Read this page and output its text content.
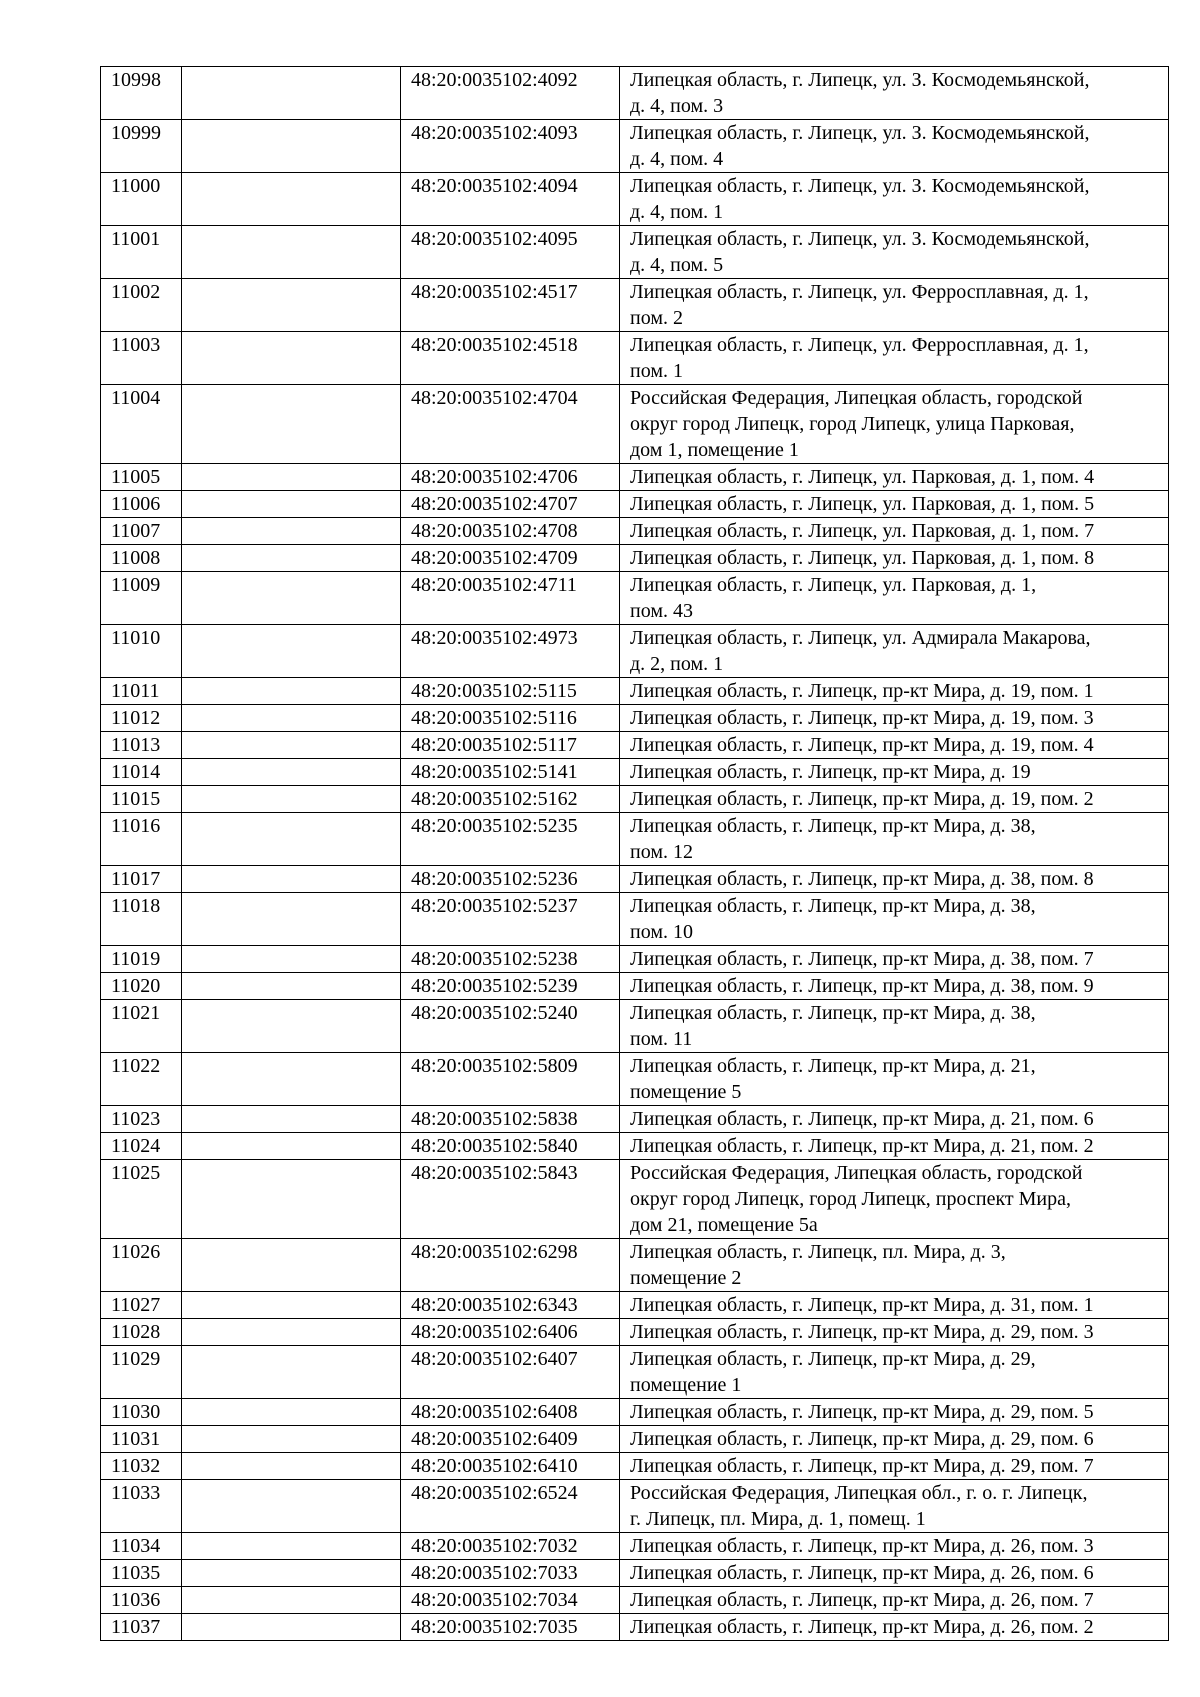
10998		48:20:0035102:4092	Липецкая область, г. Липецк, ул. З. Космодемьянской,
д. 4, пом. 3

10999		48:20:0035102:4093	Липецкая область, г. Липецк, ул. З. Космодемьянской,
д. 4, пом. 4

11000		48:20:0035102:4094	Липецкая область, г. Липецк, ул. З. Космодемьянской,
д. 4, пом. 1

11001		48:20:0035102:4095	Липецкая область, г. Липецк, ул. З. Космодемьянской,
д. 4, пом. 5

11002		48:20:0035102:4517	Липецкая область, г. Липецк, ул. Ферросплавная, д. 1,
пом. 2

11003		48:20:0035102:4518	Липецкая область, г. Липецк, ул. Ферросплавная, д. 1,
пом. 1

11004		48:20:0035102:4704	Российская Федерация, Липецкая область, городской
округ город Липецк, город Липецк, улица Парковая,
дом 1, помещение 1

11005		48:20:0035102:4706	Липецкая область, г. Липецк, ул. Парковая, д. 1, пом. 4

11006		48:20:0035102:4707	Липецкая область, г. Липецк, ул. Парковая, д. 1, пом. 5

11007		48:20:0035102:4708	Липецкая область, г. Липецк, ул. Парковая, д. 1, пом. 7

11008		48:20:0035102:4709	Липецкая область, г. Липецк, ул. Парковая, д. 1, пом. 8

11009		48:20:0035102:4711	Липецкая область, г. Липецк, ул. Парковая, д. 1,
пом. 43

11010		48:20:0035102:4973	Липецкая область, г. Липецк, ул. Адмирала Макарова,
д. 2, пом. 1

11011		48:20:0035102:5115	Липецкая область, г. Липецк, пр-кт Мира, д. 19, пом. 1

11012		48:20:0035102:5116	Липецкая область, г. Липецк, пр-кт Мира, д. 19, пом. 3

11013		48:20:0035102:5117	Липецкая область, г. Липецк, пр-кт Мира, д. 19, пом. 4

11014		48:20:0035102:5141	Липецкая область, г. Липецк, пр-кт Мира, д. 19

11015		48:20:0035102:5162	Липецкая область, г. Липецк, пр-кт Мира, д. 19, пом. 2

11016		48:20:0035102:5235	Липецкая область, г. Липецк, пр-кт Мира, д. 38,
пом. 12

11017		48:20:0035102:5236	Липецкая область, г. Липецк, пр-кт Мира, д. 38, пом. 8

11018		48:20:0035102:5237	Липецкая область, г. Липецк, пр-кт Мира, д. 38,
пом. 10

11019		48:20:0035102:5238	Липецкая область, г. Липецк, пр-кт Мира, д. 38, пом. 7

11020		48:20:0035102:5239	Липецкая область, г. Липецк, пр-кт Мира, д. 38, пом. 9

11021		48:20:0035102:5240	Липецкая область, г. Липецк, пр-кт Мира, д. 38,
пом. 11

11022		48:20:0035102:5809	Липецкая область, г. Липецк, пр-кт Мира, д. 21,
помещение 5

11023		48:20:0035102:5838	Липецкая область, г. Липецк, пр-кт Мира, д. 21, пом. 6

11024		48:20:0035102:5840	Липецкая область, г. Липецк, пр-кт Мира, д. 21, пом. 2

11025		48:20:0035102:5843	Российская Федерация, Липецкая область, городской
округ город Липецк, город Липецк, проспект Мира,
дом 21, помещение 5а

11026		48:20:0035102:6298	Липецкая область, г. Липецк, пл. Мира, д. 3,
помещение 2

11027		48:20:0035102:6343	Липецкая область, г. Липецк, пр-кт Мира, д. 31, пом. 1

11028		48:20:0035102:6406	Липецкая область, г. Липецк, пр-кт Мира, д. 29, пом. 3

11029		48:20:0035102:6407	Липецкая область, г. Липецк, пр-кт Мира, д. 29,
помещение 1

11030		48:20:0035102:6408	Липецкая область, г. Липецк, пр-кт Мира, д. 29, пом. 5

11031		48:20:0035102:6409	Липецкая область, г. Липецк, пр-кт Мира, д. 29, пом. 6

11032		48:20:0035102:6410	Липецкая область, г. Липецк, пр-кт Мира, д. 29, пом. 7

11033		48:20:0035102:6524	Российская Федерация, Липецкая обл., г. о. г. Липецк,
г. Липецк, пл. Мира, д. 1, помещ. 1

11034		48:20:0035102:7032	Липецкая область, г. Липецк, пр-кт Мира, д. 26, пом. 3

11035		48:20:0035102:7033	Липецкая область, г. Липецк, пр-кт Мира, д. 26, пом. 6

11036		48:20:0035102:7034	Липецкая область, г. Липецк, пр-кт Мира, д. 26, пом. 7

11037		48:20:0035102:7035	Липецкая область, г. Липецк, пр-кт Мира, д. 26, пом. 2
